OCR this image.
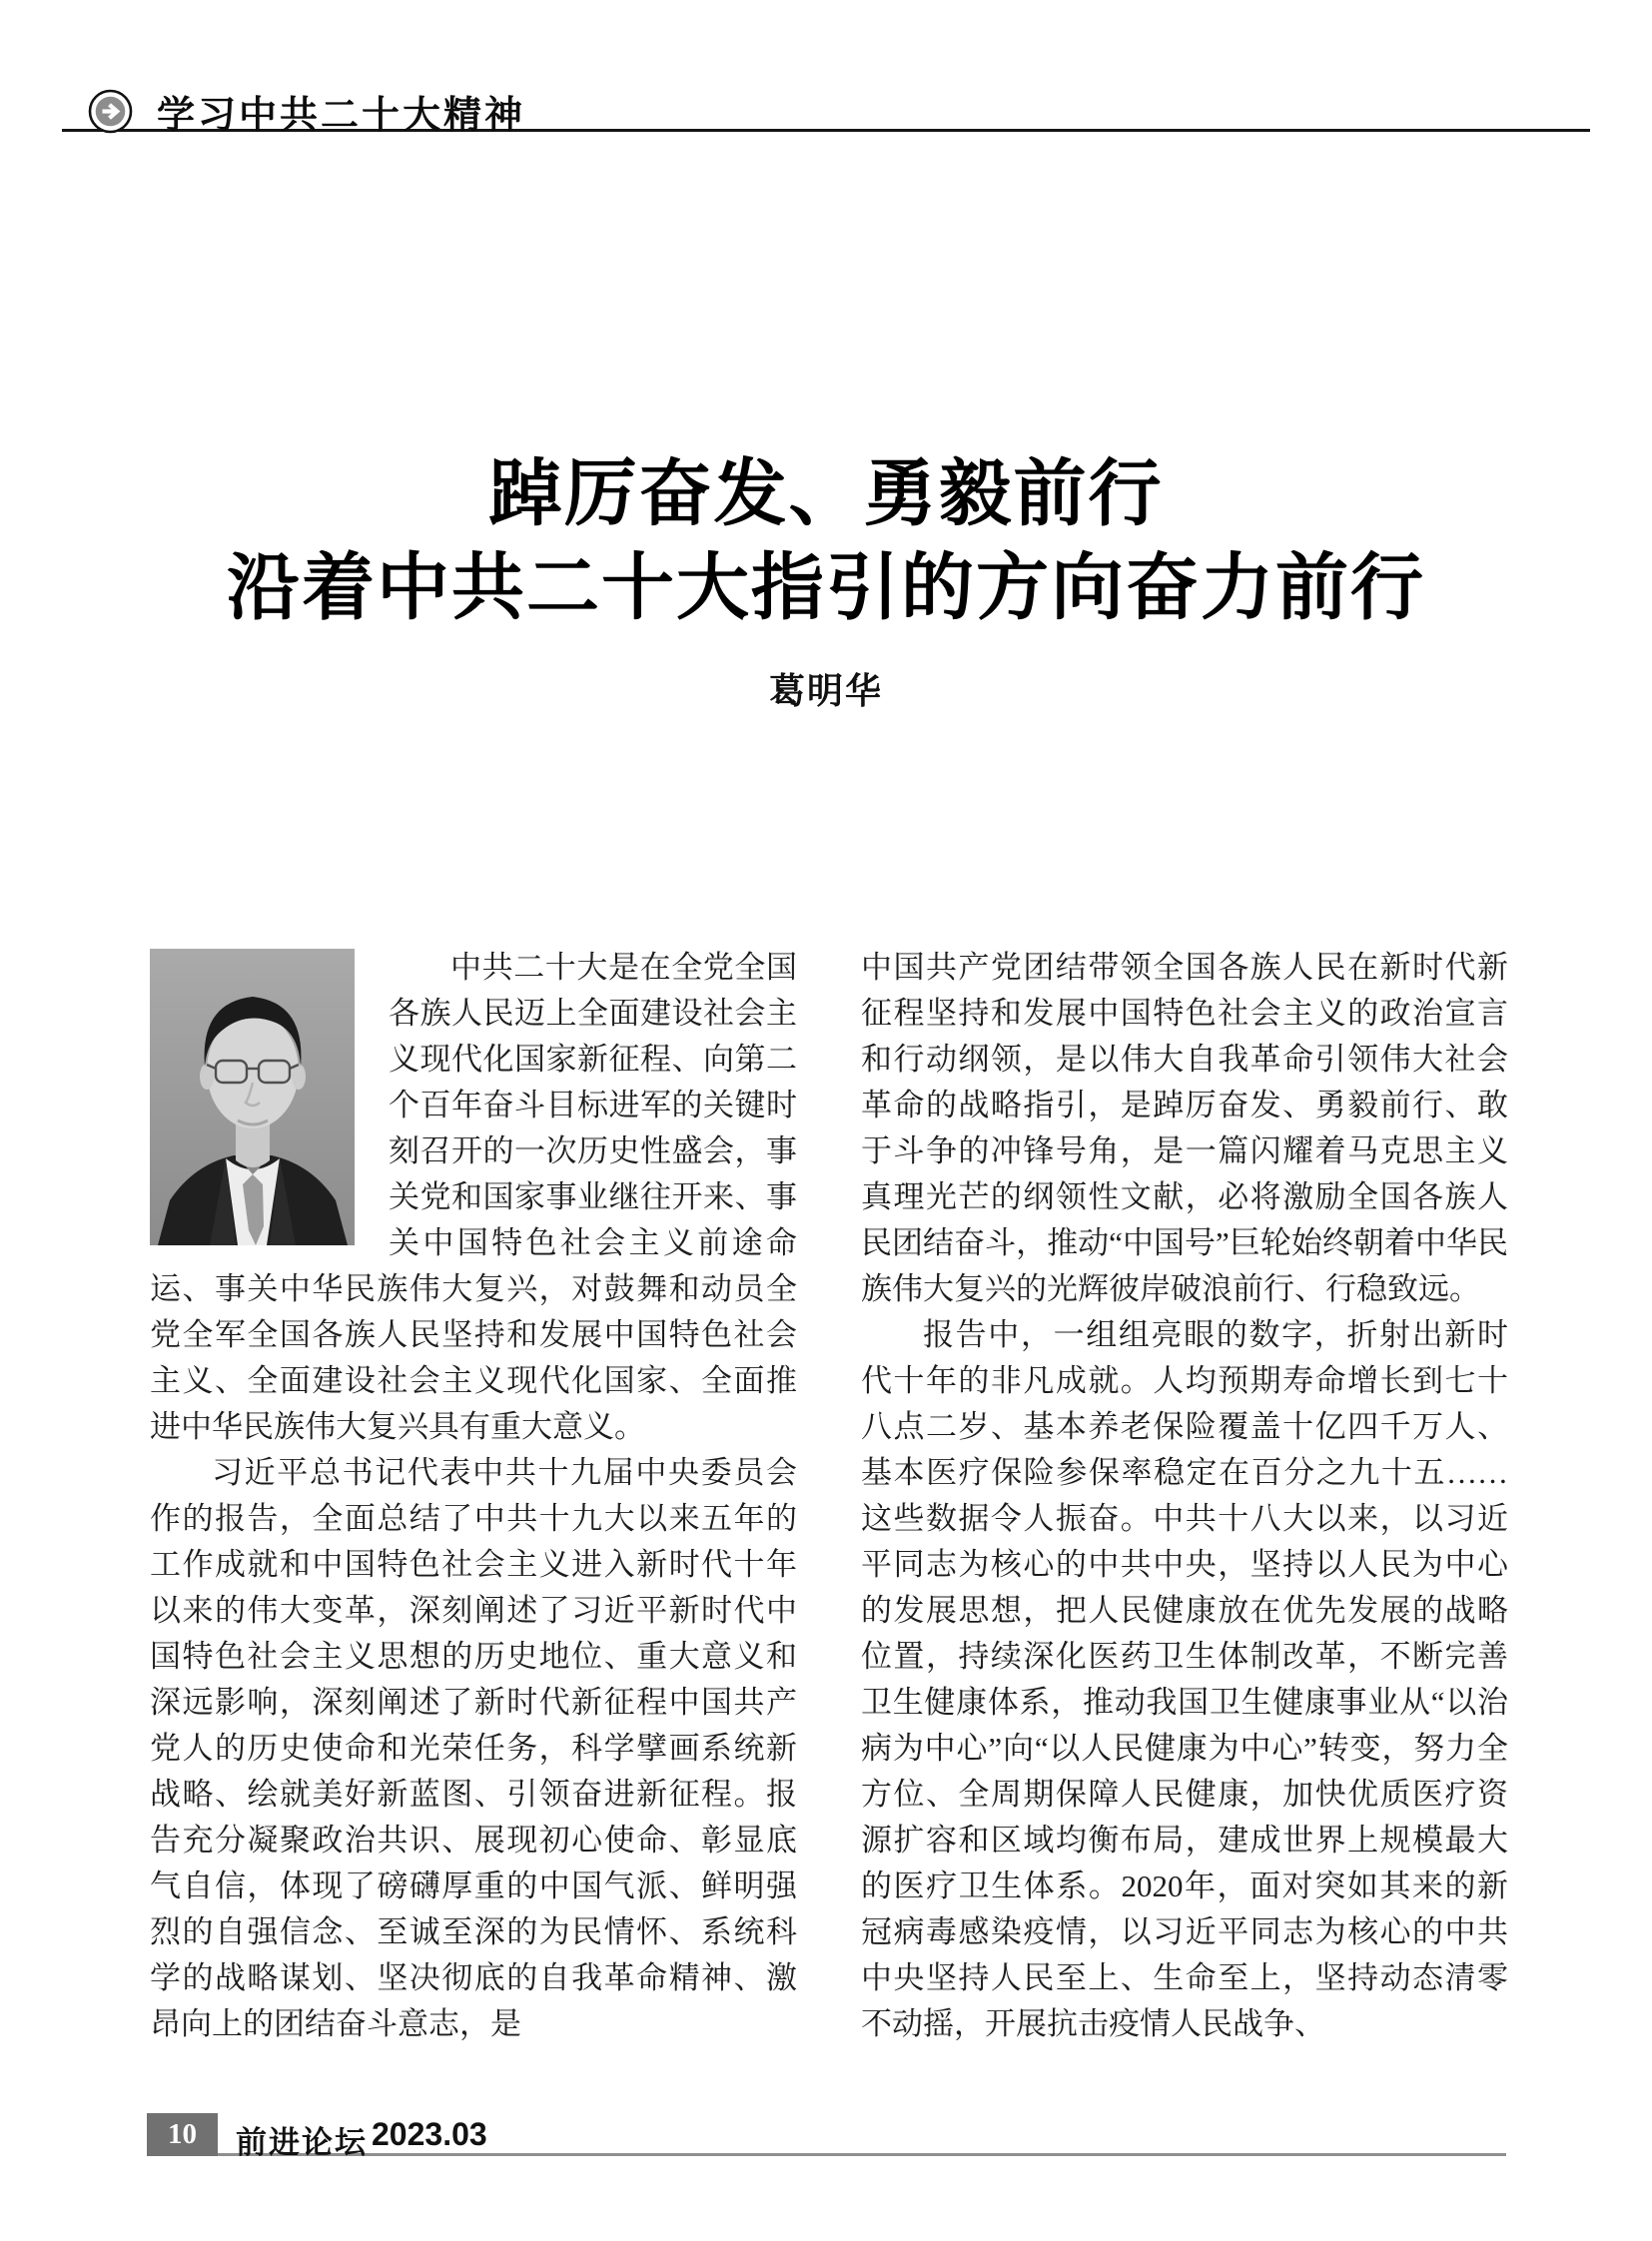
学习中共二十大精神
踔厉奋发、勇毅前行
沿着中共二十大指引的方向奋力前行
葛明华

中共二十大是在全党全国各族人民迈上全面建设社会主义现代化国家新征程、向第二个百年奋斗目标进军的关键时刻召开的一次历史性盛会，事关党和国家事业继往开来、事关中国特色社会主义前途命运、事关中华民族伟大复兴，对鼓舞和动员全党全军全国各族人民坚持和发展中国特色社会主义、全面建设社会主义现代化国家、全面推进中华民族伟大复兴具有重大意义。

习近平总书记代表中共十九届中央委员会作的报告，全面总结了中共十九大以来五年的工作成就和中国特色社会主义进入新时代十年以来的伟大变革，深刻阐述了习近平新时代中国特色社会主义思想的历史地位、重大意义和深远影响，深刻阐述了新时代新征程中国共产党人的历史使命和光荣任务，科学擘画系统新战略、绘就美好新蓝图、引领奋进新征程。报告充分凝聚政治共识、展现初心使命、彰显底气自信，体现了磅礴厚重的中国气派、鲜明强烈的自强信念、至诚至深的为民情怀、系统科学的战略谋划、坚决彻底的自我革命精神、激昂向上的团结奋斗意志，是

中国共产党团结带领全国各族人民在新时代新征程坚持和发展中国特色社会主义的政治宣言和行动纲领，是以伟大自我革命引领伟大社会革命的战略指引，是踔厉奋发、勇毅前行、敢于斗争的冲锋号角，是一篇闪耀着马克思主义真理光芒的纲领性文献，必将激励全国各族人民团结奋斗，推动“中国号”巨轮始终朝着中华民族伟大复兴的光辉彼岸破浪前行、行稳致远。

报告中，一组组亮眼的数字，折射出新时代十年的非凡成就。人均预期寿命增长到七十八点二岁、基本养老保险覆盖十亿四千万人、基本医疗保险参保率稳定在百分之九十五……这些数据令人振奋。中共十八大以来，以习近平同志为核心的中共中央，坚持以人民为中心的发展思想，把人民健康放在优先发展的战略位置，持续深化医药卫生体制改革，不断完善卫生健康体系，推动我国卫生健康事业从“以治病为中心”向“以人民健康为中心”转变，努力全方位、全周期保障人民健康，加快优质医疗资源扩容和区域均衡布局，建成世界上规模最大的医疗卫生体系。2020年，面对突如其来的新冠病毒感染疫情，以习近平同志为核心的中共中央坚持人民至上、生命至上，坚持动态清零不动摇，开展抗击疫情人民战争、

10	前进论坛 2023.03
